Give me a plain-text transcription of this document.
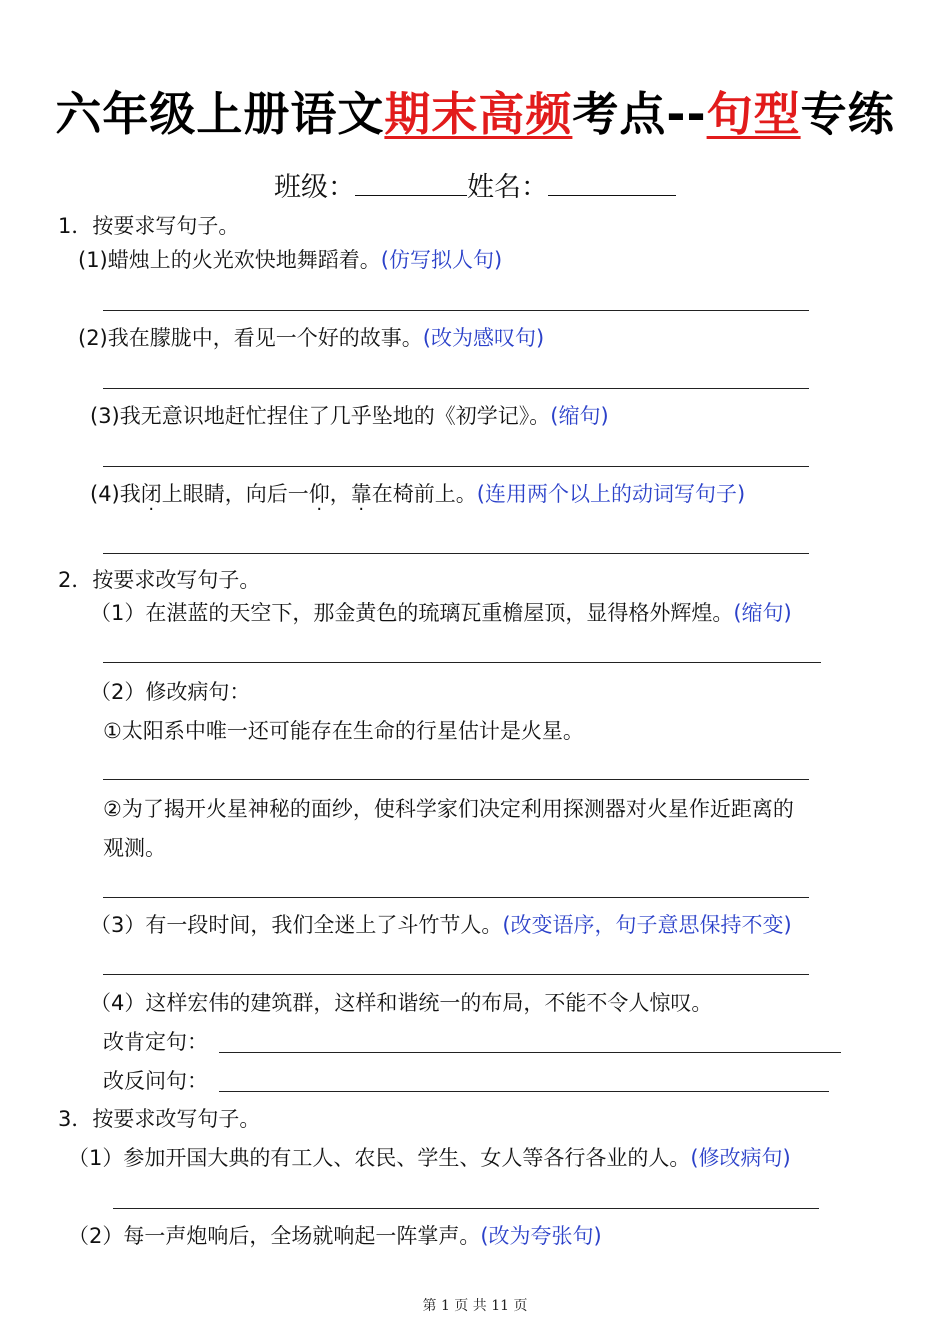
六年级上册语文期末高频考点--句型专练
班级：	姓名：
1．按要求写句子。
(1)蜡烛上的火光欢快地舞蹈着。(仿写拟人句)
(2)我在朦胧中，看见一个好的故事。(改为感叹句)
(3)我无意识地赶忙捏住了几乎坠地的《初学记》。(缩句)
(4)我闭上眼睛，向后一仰，靠在椅前上。(连用两个以上的动词写句子)
2．按要求改写句子。
（1）在湛蓝的天空下，那金黄色的琉璃瓦重檐屋顶，显得格外辉煌。(缩句)
（2）修改病句：
①太阳系中唯一还可能存在生命的行星估计是火星。
②为了揭开火星神秘的面纱，使科学家们决定利用探测器对火星作近距离的
观测。
（3）有一段时间，我们全迷上了斗竹节人。(改变语序，句子意思保持不变)
（4）这样宏伟的建筑群，这样和谐统一的布局，不能不令人惊叹。
改肯定句：
改反问句：
3．按要求改写句子。
（1）参加开国大典的有工人、农民、学生、女人等各行各业的人。(修改病句)
（2）每一声炮响后，全场就响起一阵掌声。(改为夸张句)
第 1 页 共 11 页
